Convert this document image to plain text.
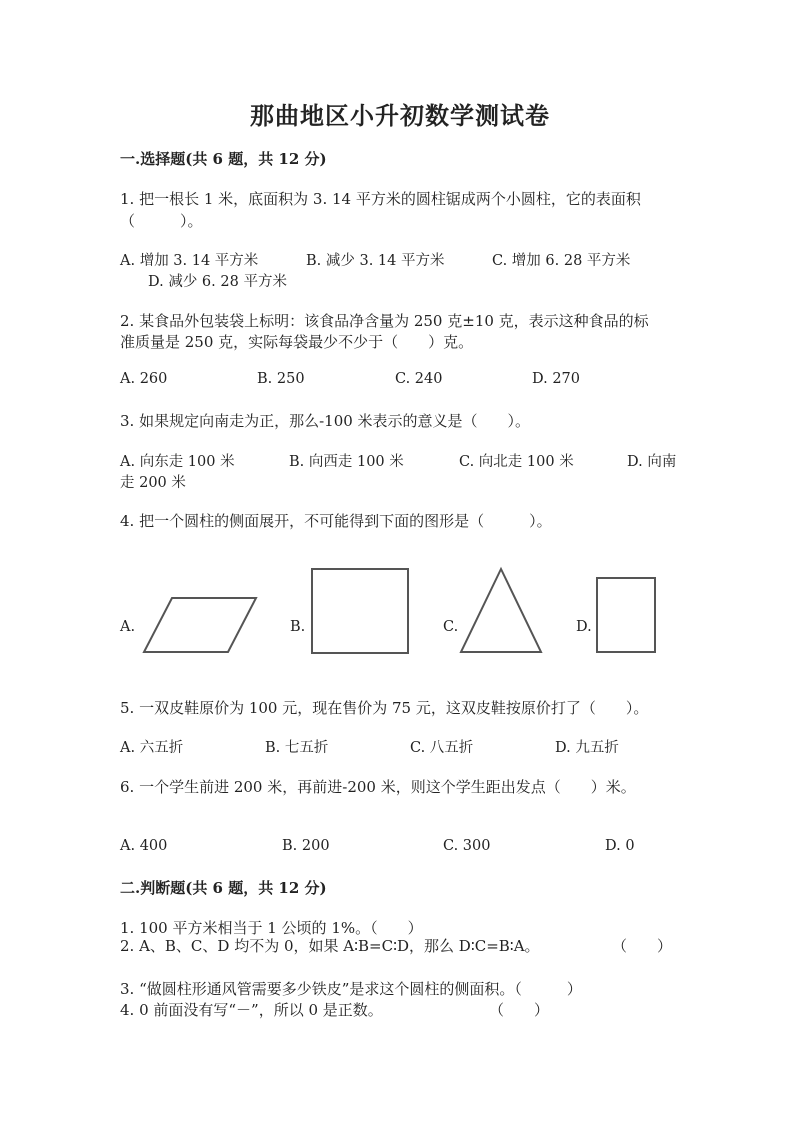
那曲地区小升初数学测试卷
一.选择题(共 6 题，共 12 分)
1. 把一根长 1 米，底面积为 3. 14 平方米的圆柱锯成两个小圆柱，它的表面积
（　　　）。
A. 增加 3. 14 平方米	B. 减少 3. 14 平方米	C. 增加 6. 28 平方米
D. 减少 6. 28 平方米
2. 某食品外包装袋上标明：该食品净含量为 250 克±10 克，表示这种食品的标
准质量是 250 克，实际每袋最少不少于（　　）克。
A. 260	B. 250	C. 240	D. 270
3. 如果规定向南走为正，那么-100 米表示的意义是（　　）。
A. 向东走 100 米	B. 向西走 100 米	C. 向北走 100 米	D. 向南
走 200 米
4. 把一个圆柱的侧面展开，不可能得到下面的图形是（　　　）。
A.	B.	C.	D.
5. 一双皮鞋原价为 100 元，现在售价为 75 元，这双皮鞋按原价打了（　　）。
A. 六五折	B. 七五折	C. 八五折	D. 九五折
6. 一个学生前进 200 米，再前进-200 米，则这个学生距出发点（　　）米。
A. 400	B. 200	C. 300	D. 0
二.判断题(共 6 题，共 12 分)
1. 100 平方米相当于 1 公顷的 1%。（　　）
2. A、B、C、D 均不为 0，如果 A∶B=C∶D，那么 D∶C=B∶A。	（　　）
3. “做圆柱形通风管需要多少铁皮”是求这个圆柱的侧面积。（　　　）
4. 0 前面没有写“－”，所以 0 是正数。	（　　）
